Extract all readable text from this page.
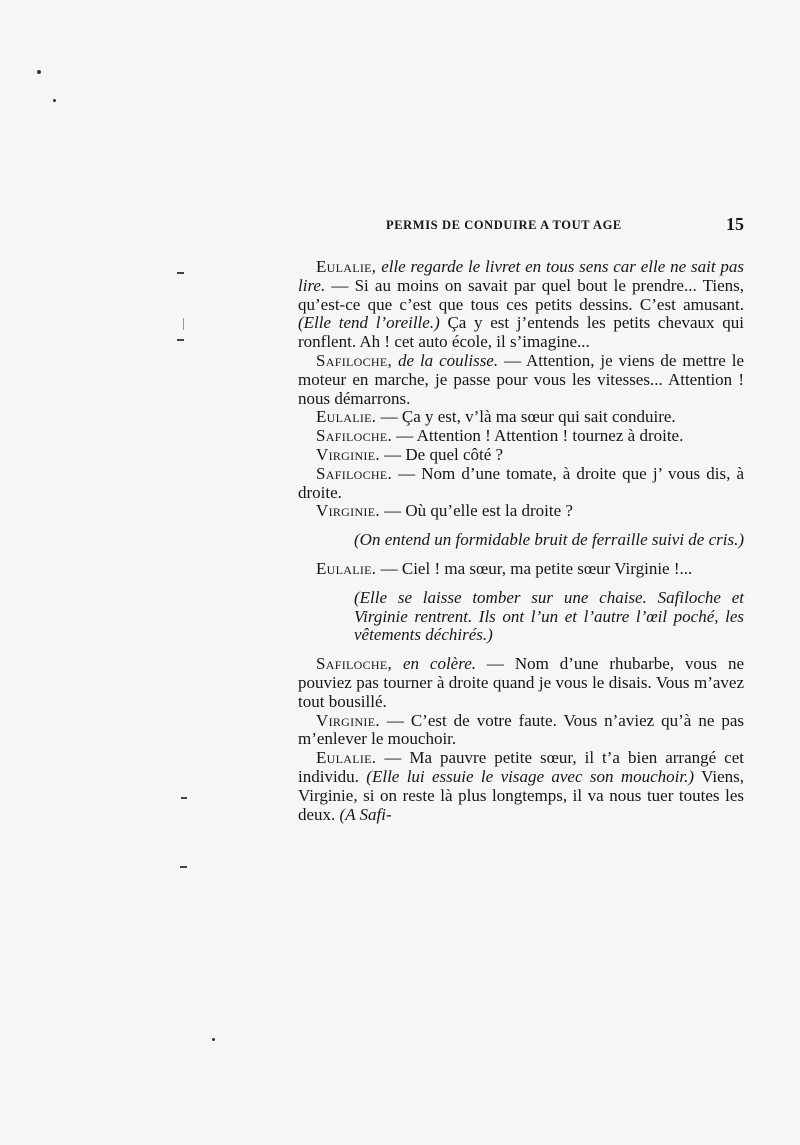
PERMIS DE CONDUIRE A TOUT AGE	15

Eulalie, elle regarde le livret en tous sens car elle ne sait pas lire. — Si au moins on savait par quel bout le prendre... Tiens, qu’est-ce que c’est que tous ces petits dessins. C’est amusant. (Elle tend l’oreille.) Ça y est j’entends les petits chevaux qui ronflent. Ah ! cet auto école, il s’imagine...

Safiloche, de la coulisse. — Attention, je viens de mettre le moteur en marche, je passe pour vous les vitesses... Attention ! nous démarrons.

Eulalie. — Ça y est, v’là ma sœur qui sait conduire.

Safiloche. — Attention ! Attention ! tournez à droite.

Virginie. — De quel côté ?

Safiloche. — Nom d’une tomate, à droite que j’ vous dis, à droite.

Virginie. — Où qu’elle est la droite ?

(On entend un formidable bruit de ferraille suivi de cris.)

Eulalie. — Ciel ! ma sœur, ma petite sœur Virginie !...

(Elle se laisse tomber sur une chaise. Safiloche et Virginie rentrent. Ils ont l’un et l’autre l’œil poché, les vêtements déchirés.)

Safiloche, en colère. — Nom d’une rhubarbe, vous ne pouviez pas tourner à droite quand je vous le disais. Vous m’avez tout bousillé.

Virginie. — C’est de votre faute. Vous n’aviez qu’à ne pas m’enlever le mouchoir.

Eulalie. — Ma pauvre petite sœur, il t’a bien arrangé cet individu. (Elle lui essuie le visage avec son mouchoir.) Viens, Virginie, si on reste là plus longtemps, il va nous tuer toutes les deux. (A Safi-
